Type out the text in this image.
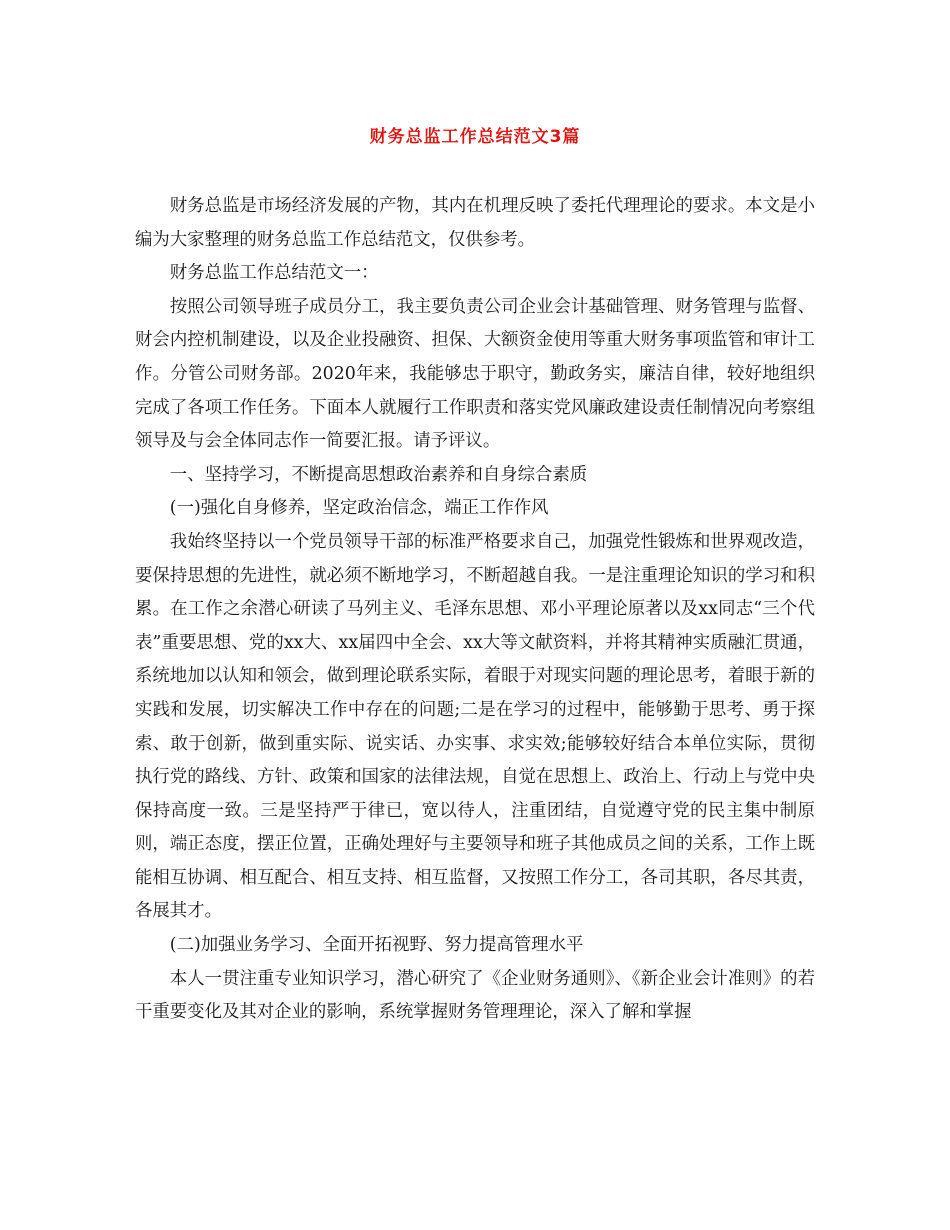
财务总监工作总结范文3篇

财务总监是市场经济发展的产物，其内在机理反映了委托代理理论的要求。本文是小编为大家整理的财务总监工作总结范文，仅供参考。

财务总监工作总结范文一：

按照公司领导班子成员分工，我主要负责公司企业会计基础管理、财务管理与监督、财会内控机制建设，以及企业投融资、担保、大额资金使用等重大财务事项监管和审计工作。分管公司财务部。2020年来，我能够忠于职守，勤政务实，廉洁自律，较好地组织完成了各项工作任务。下面本人就履行工作职责和落实党风廉政建设责任制情况向考察组领导及与会全体同志作一简要汇报。请予评议。

一、坚持学习，不断提高思想政治素养和自身综合素质

(一)强化自身修养，坚定政治信念，端正工作作风

我始终坚持以一个党员领导干部的标准严格要求自己，加强党性锻炼和世界观改造，要保持思想的先进性，就必须不断地学习，不断超越自我。一是注重理论知识的学习和积累。在工作之余潜心研读了马列主义、毛泽东思想、邓小平理论原著以及xx同志“三个代表”重要思想、党的xx大、xx届四中全会、xx大等文献资料，并将其精神实质融汇贯通，系统地加以认知和领会，做到理论联系实际，着眼于对现实问题的理论思考，着眼于新的实践和发展，切实解决工作中存在的问题;二是在学习的过程中，能够勤于思考、勇于探索、敢于创新，做到重实际、说实话、办实事、求实效;能够较好结合本单位实际，贯彻执行党的路线、方针、政策和国家的法律法规，自觉在思想上、政治上、行动上与党中央保持高度一致。三是坚持严于律已，宽以待人，注重团结，自觉遵守党的民主集中制原则，端正态度，摆正位置，正确处理好与主要领导和班子其他成员之间的关系，工作上既能相互协调、相互配合、相互支持、相互监督，又按照工作分工，各司其职，各尽其责，各展其才。

(二)加强业务学习、全面开拓视野、努力提高管理水平

本人一贯注重专业知识学习，潜心研究了《企业财务通则》、《新企业会计准则》的若干重要变化及其对企业的影响，系统掌握财务管理理论，深入了解和掌握
